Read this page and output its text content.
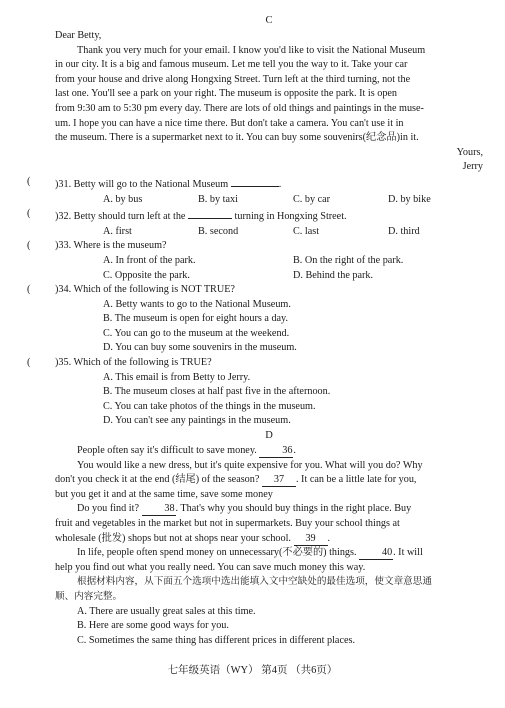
C

Dear Betty,

Thank you very much for your email. I know you'd like to visit the National Museum

in our city. It is a big and famous museum. Let me tell you the way to it. Take your car

from your house and drive along Hongxing Street. Turn left at the third turning, not the

last one. You'll see a park on your right. The museum is opposite the park. It is open

from 9:30 am to 5:30 pm every day. There are lots of old things and paintings in the muse-

um. I hope you can have a nice time there. But don't take a camera. You can't use it in

the museum. There is a supermarket next to it. You can buy some souvenirs(纪念品)in it.

Yours,

Jerry

( )31. Betty will go to the National Museum	.
A. by bus	B. by taxi	C. by car	D. by bike
( )32. Betty should turn left at the	turning in Hongxing Street.
A. first	B. second	C. last	D. third
( )33. Where is the museum?
A. In front of the park.	B. On the right of the park.
C. Opposite the park.	D. Behind the park.
( )34. Which of the following is NOT TRUE?
A. Betty wants to go to the National Museum.
B. The museum is open for eight hours a day.
C. You can go to the museum at the weekend.
D. You can buy some souvenirs in the museum.
( )35. Which of the following is TRUE?
A. This email is from Betty to Jerry.
B. The museum closes at half past five in the afternoon.
C. You can take photos of the things in the museum.
D. You can't see any paintings in the museum.
D

People often say it's difficult to save money. 36.

You would like a new dress, but it's quite expensive for you. What will you do? Why

don't you check it at the end (结尾) of the season? 37 . It can be a little late for you,

but you get it and at the same time, save some money

Do you find it? 38. That's why you should buy things in the right place. Buy

fruit and vegetables in the market but not in supermarkets. Buy your school things at

wholesale (批发) shops but not at shops near your school. 39 .

In life, people often spend money on unnecessary(不必要的) things. 40. It will

help you find out what you really need. You can save much money this way.

根据材料内容，从下面五个选项中选出能填入文中空缺处的最佳选项，使文章意思通

顺、内容完整。

A. There are usually great sales at this time.

B. Here are some good ways for you.

C. Sometimes the same thing has different prices in different places.

七年级英语（WY） 第4页 （共6页）
